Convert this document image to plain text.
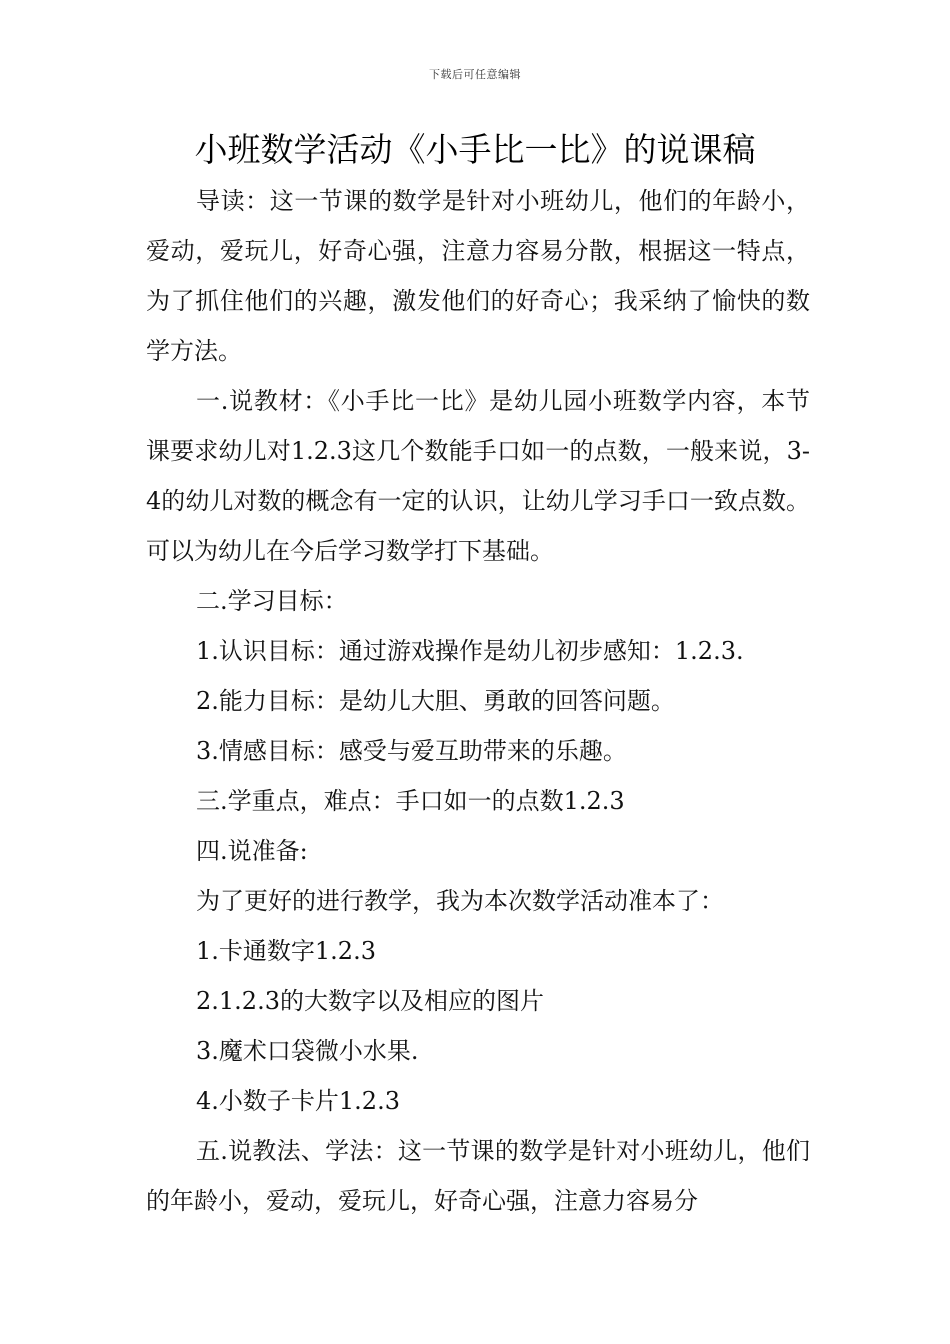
下载后可任意编辑
小班数学活动《小手比一比》的说课稿

导读：这一节课的数学是针对小班幼儿，他们的年龄小，爱动，爱玩儿，好奇心强，注意力容易分散，根据这一特点，为了抓住他们的兴趣，激发他们的好奇心；我采纳了愉快的数学方法。

一.说教材：《小手比一比》是幼儿园小班数学内容，本节课要求幼儿对1.2.3这几个数能手口如一的点数，一般来说，3-4的幼儿对数的概念有一定的认识，让幼儿学习手口一致点数。可以为幼儿在今后学习数学打下基础。

二.学习目标：

1.认识目标：通过游戏操作是幼儿初步感知：1.2.3.

2.能力目标：是幼儿大胆、勇敢的回答问题。

3.情感目标：感受与爱互助带来的乐趣。

三.学重点，难点：手口如一的点数1.2.3

四.说准备:

为了更好的进行教学，我为本次数学活动准本了：

1.卡通数字1.2.3

2.1.2.3的大数字以及相应的图片

3.魔术口袋微小水果.

4.小数子卡片1.2.3

五.说教法、学法：这一节课的数学是针对小班幼儿，他们的年龄小，爱动，爱玩儿，好奇心强，注意力容易分
